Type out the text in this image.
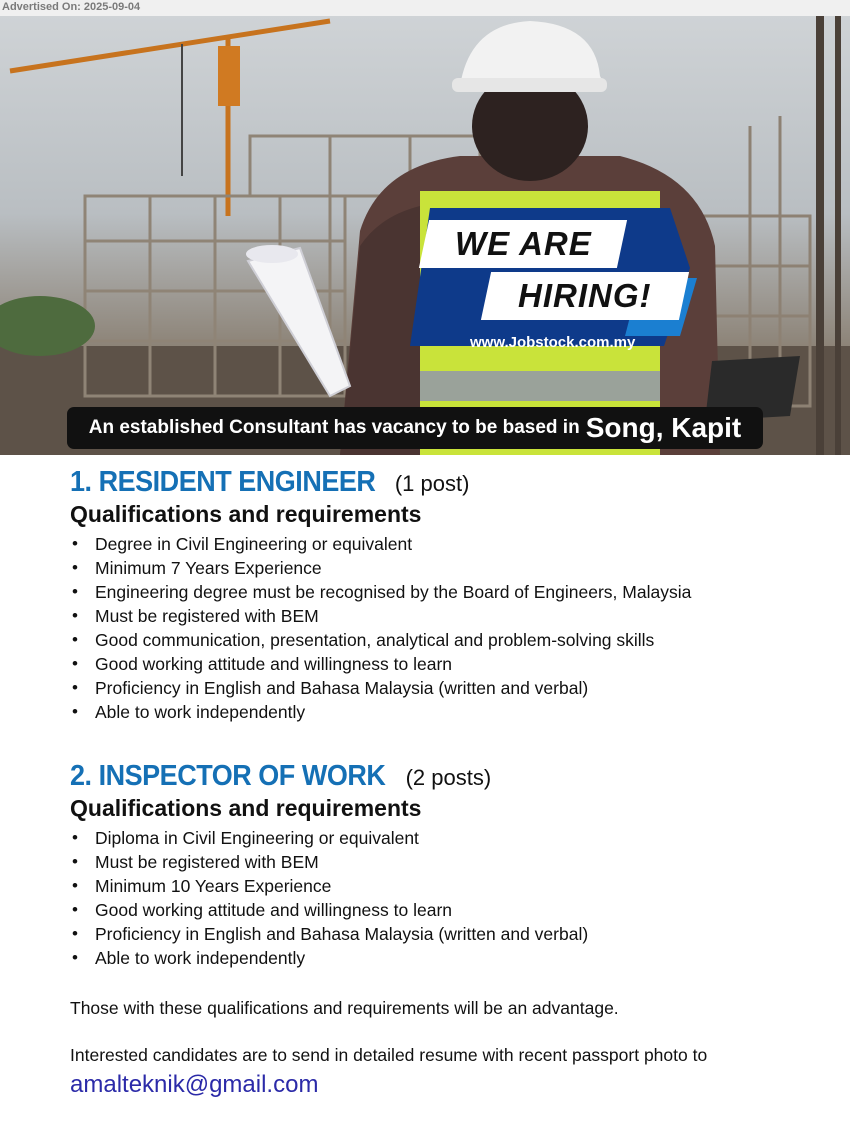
Advertised On: 2025-09-04
WE ARE
HIRING!
www.Jobstock.com.my
An established Consultant has vacancy to be based in Song, Kapit
1. RESIDENT ENGINEER (1 post)
Qualifications and requirements
• Degree in Civil Engineering or equivalent
• Minimum 7 Years Experience
• Engineering degree must be recognised by the Board of Engineers, Malaysia
• Must be registered with BEM
• Good communication, presentation, analytical and problem-solving skills
• Good working attitude and willingness to learn
• Proficiency in English and Bahasa Malaysia (written and verbal)
• Able to work independently
2. INSPECTOR OF WORK (2 posts)
Qualifications and requirements
• Diploma in Civil Engineering or equivalent
• Must be registered with BEM
• Minimum 10 Years Experience
• Good working attitude and willingness to learn
• Proficiency in English and Bahasa Malaysia (written and verbal)
• Able to work independently
Those with these qualifications and requirements will be an advantage.
Interested candidates are to send in detailed resume with recent passport photo to
amalteknik@gmail.com
